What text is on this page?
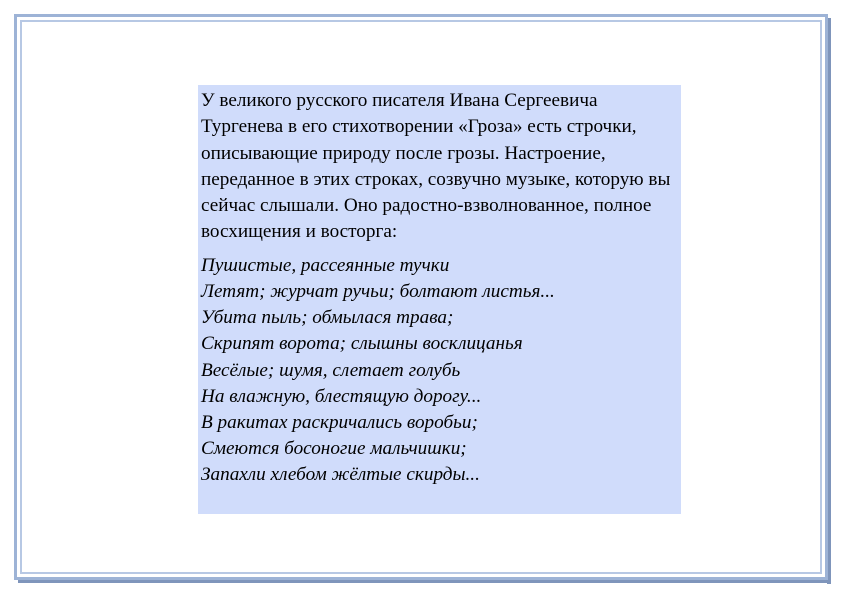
У великого русского писателя Ивана Сергеевича Тургенева в его стихотворении «Гроза» есть строчки, описывающие природу после грозы. Настроение, переданное в этих строках, созвучно музыке, которую вы сейчас слышали. Оно радостно-взволнованное, полное восхищения и восторга:

Пушистые, рассеянные тучки
Летят; журчат ручьи; болтают листья...
Убита пыль; обмылася трава;
Скрипят ворота; слышны восклицанья
Весёлые; шумя, слетает голубь
На влажную, блестящую дорогу...
В ракитах раскричались воробьи;
Смеются босоногие мальчишки;
Запахли хлебом жёлтые скирды...
